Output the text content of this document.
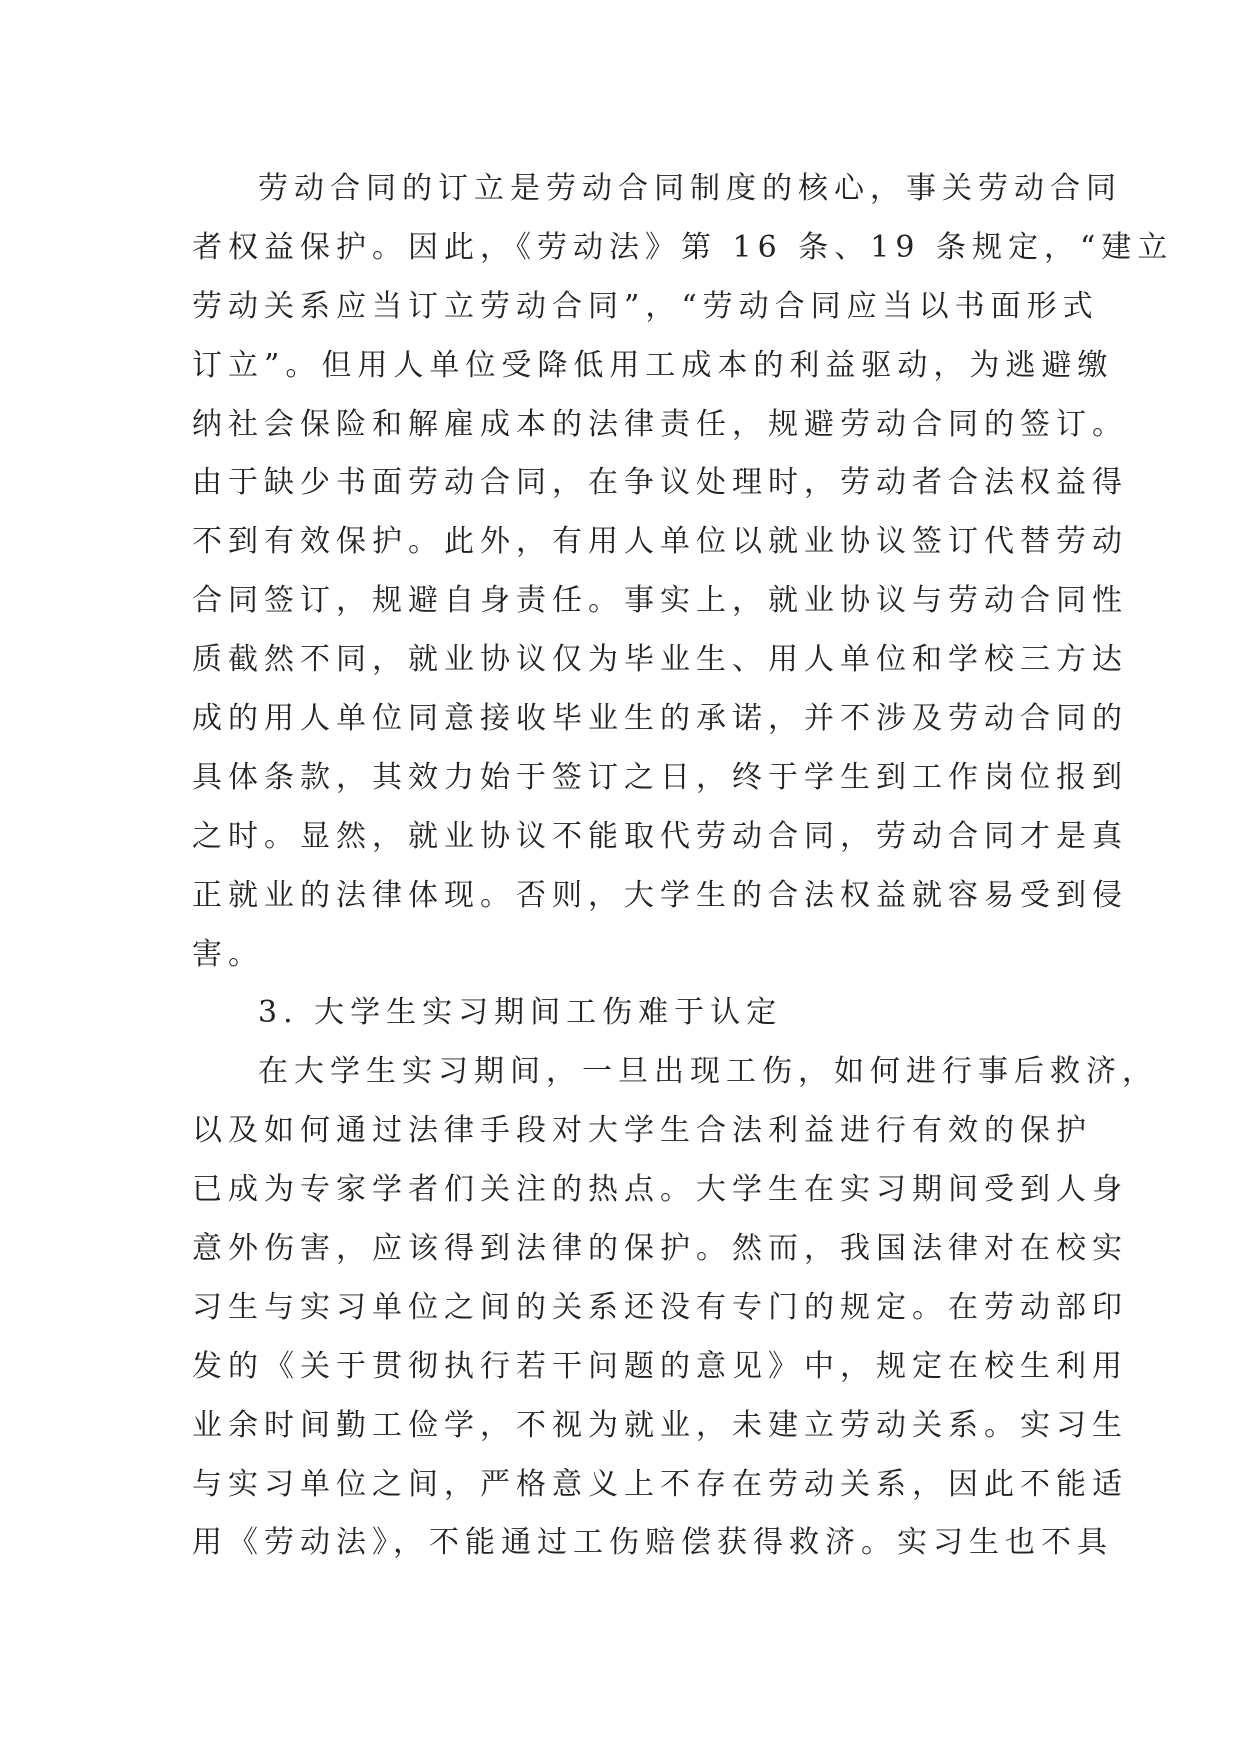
劳动合同的订立是劳动合同制度的核心，事关劳动合同
者权益保护。因此，《劳动法》第 16 条、19 条规定，“建立
劳动关系应当订立劳动合同”，“劳动合同应当以书面形式
订立”。但用人单位受降低用工成本的利益驱动，为逃避缴
纳社会保险和解雇成本的法律责任，规避劳动合同的签订。
由于缺少书面劳动合同，在争议处理时，劳动者合法权益得
不到有效保护。此外，有用人单位以就业协议签订代替劳动
合同签订，规避自身责任。事实上，就业协议与劳动合同性
质截然不同，就业协议仅为毕业生、用人单位和学校三方达
成的用人单位同意接收毕业生的承诺，并不涉及劳动合同的
具体条款，其效力始于签订之日，终于学生到工作岗位报到
之时。显然，就业协议不能取代劳动合同，劳动合同才是真
正就业的法律体现。否则，大学生的合法权益就容易受到侵
害。
3. 大学生实习期间工伤难于认定
在大学生实习期间，一旦出现工伤，如何进行事后救济，
以及如何通过法律手段对大学生合法利益进行有效的保护
已成为专家学者们关注的热点。大学生在实习期间受到人身
意外伤害，应该得到法律的保护。然而，我国法律对在校实
习生与实习单位之间的关系还没有专门的规定。在劳动部印
发的《关于贯彻执行若干问题的意见》中，规定在校生利用
业余时间勤工俭学，不视为就业，未建立劳动关系。实习生
与实习单位之间，严格意义上不存在劳动关系，因此不能适
用《劳动法》，不能通过工伤赔偿获得救济。实习生也不具
